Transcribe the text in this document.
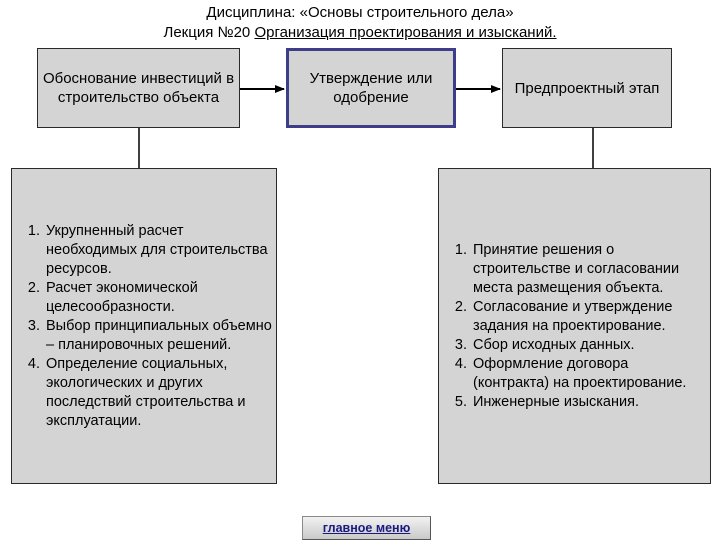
Дисциплина: «Основы строительного дела»
Лекция №20 Организация проектирования и изысканий.
Обоснование инвестиций в строительство объекта
Утверждение или одобрение
Предпроектный этап
1. Укрупненный расчет необходимых для строительства ресурсов.
2. Расчет экономической целесообразности.
3. Выбор принципиальных объемно – планировочных решений.
4. Определение социальных, экологических и других последствий строительства и эксплуатации.
1. Принятие решения о строительстве и согласовании места размещения объекта.
2. Согласование и утверждение задания на проектирование.
3. Сбор исходных данных.
4. Оформление договора (контракта) на проектирование.
5. Инженерные изыскания.
главное меню
